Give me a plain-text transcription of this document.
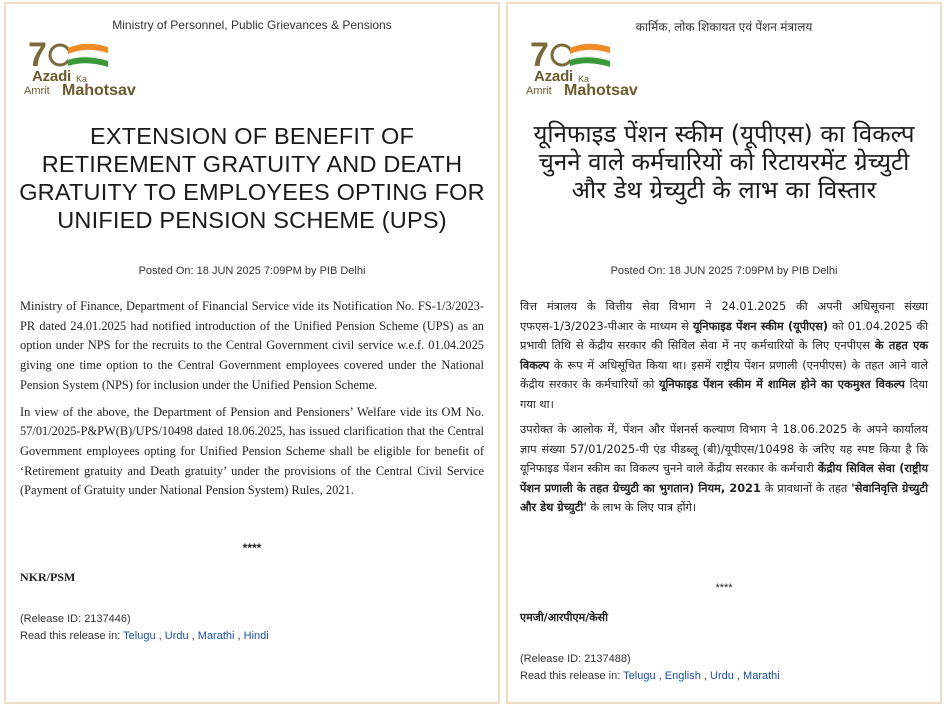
Ministry of Personnel, Public Grievances & Pensions
7
Azadi Ka
Amrit Mahotsav
EXTENSION OF BENEFIT OF RETIREMENT GRATUITY AND DEATH GRATUITY TO EMPLOYEES OPTING FOR UNIFIED PENSION SCHEME (UPS)
Posted On: 18 JUN 2025 7:09PM by PIB Delhi

Ministry of Finance, Department of Financial Service vide its Notification No. FS-1/3/2023-PR dated 24.01.2025 had notified introduction of the Unified Pension Scheme (UPS) as an option under NPS for the recruits to the Central Government civil service w.e.f. 01.04.2025 giving one time option to the Central Government employees covered under the National Pension System (NPS) for inclusion under the Unified Pension Scheme.

In view of the above, the Department of Pension and Pensioners’ Welfare vide its OM No. 57/01/2025-P&PW(B)/UPS/10498 dated 18.06.2025, has issued clarification that the Central Government employees opting for Unified Pension Scheme shall be eligible for benefit of ‘Retirement gratuity and Death gratuity’ under the provisions of the Central Civil Service (Payment of Gratuity under National Pension System) Rules, 2021.

****
NKR/PSM
(Release ID: 2137446)
Read this release in: Telugu , Urdu , Marathi , Hindi
कार्मिक, लोक शिकायत एवं पेंशन मंत्रालय
7
Azadi Ka
Amrit Mahotsav
यूनिफाइड पेंशन स्कीम (यूपीएस) का विकल्प चुनने वाले कर्मचारियों को रिटायरमेंट ग्रेच्युटी और डेथ ग्रेच्युटी के लाभ का विस्तार
Posted On: 18 JUN 2025 7:09PM by PIB Delhi

वित्त मंत्रालय के वित्तीय सेवा विभाग ने 24.01.2025 की अपनी अधिसूचना संख्या एफएस-1/3/2023-पीआर के माध्यम से यूनिफाइड पेंशन स्कीम (यूपीएस) को 01.04.2025 की प्रभावी तिथि से केंद्रीय सरकार की सिविल सेवा में नए कर्मचारियों के लिए एनपीएस के तहत एक विकल्प के रूप में अधिसूचित किया था। इसमें राष्ट्रीय पेंशन प्रणाली (एनपीएस) के तहत आने वाले केंद्रीय सरकार के कर्मचारियों को यूनिफाइड पेंशन स्कीम में शामिल होने का एकमुश्त विकल्प दिया गया था।

उपरोक्त के आलोक में, पेंशन और पेंशनर्स कल्याण विभाग ने 18.06.2025 के अपने कार्यालय ज्ञाप संख्या 57/01/2025-पी एंड पीडब्लू (बी)/यूपीएस/10498 के जरिए यह स्पष्ट किया है कि यूनिफाइड पेंशन स्कीम का विकल्प चुनने वाले केंद्रीय सरकार के कर्मचारी केंद्रीय सिविल सेवा (राष्ट्रीय पेंशन प्रणाली के तहत ग्रेच्युटी का भुगतान) नियम, 2021 के प्रावधानों के तहत 'सेवानिवृत्ति ग्रेच्युटी और डेथ ग्रेच्युटी' के लाभ के लिए पात्र होंगे।

****
एमजी/आरपीएम/केसी
(Release ID: 2137488)
Read this release in: Telugu , English , Urdu , Marathi
